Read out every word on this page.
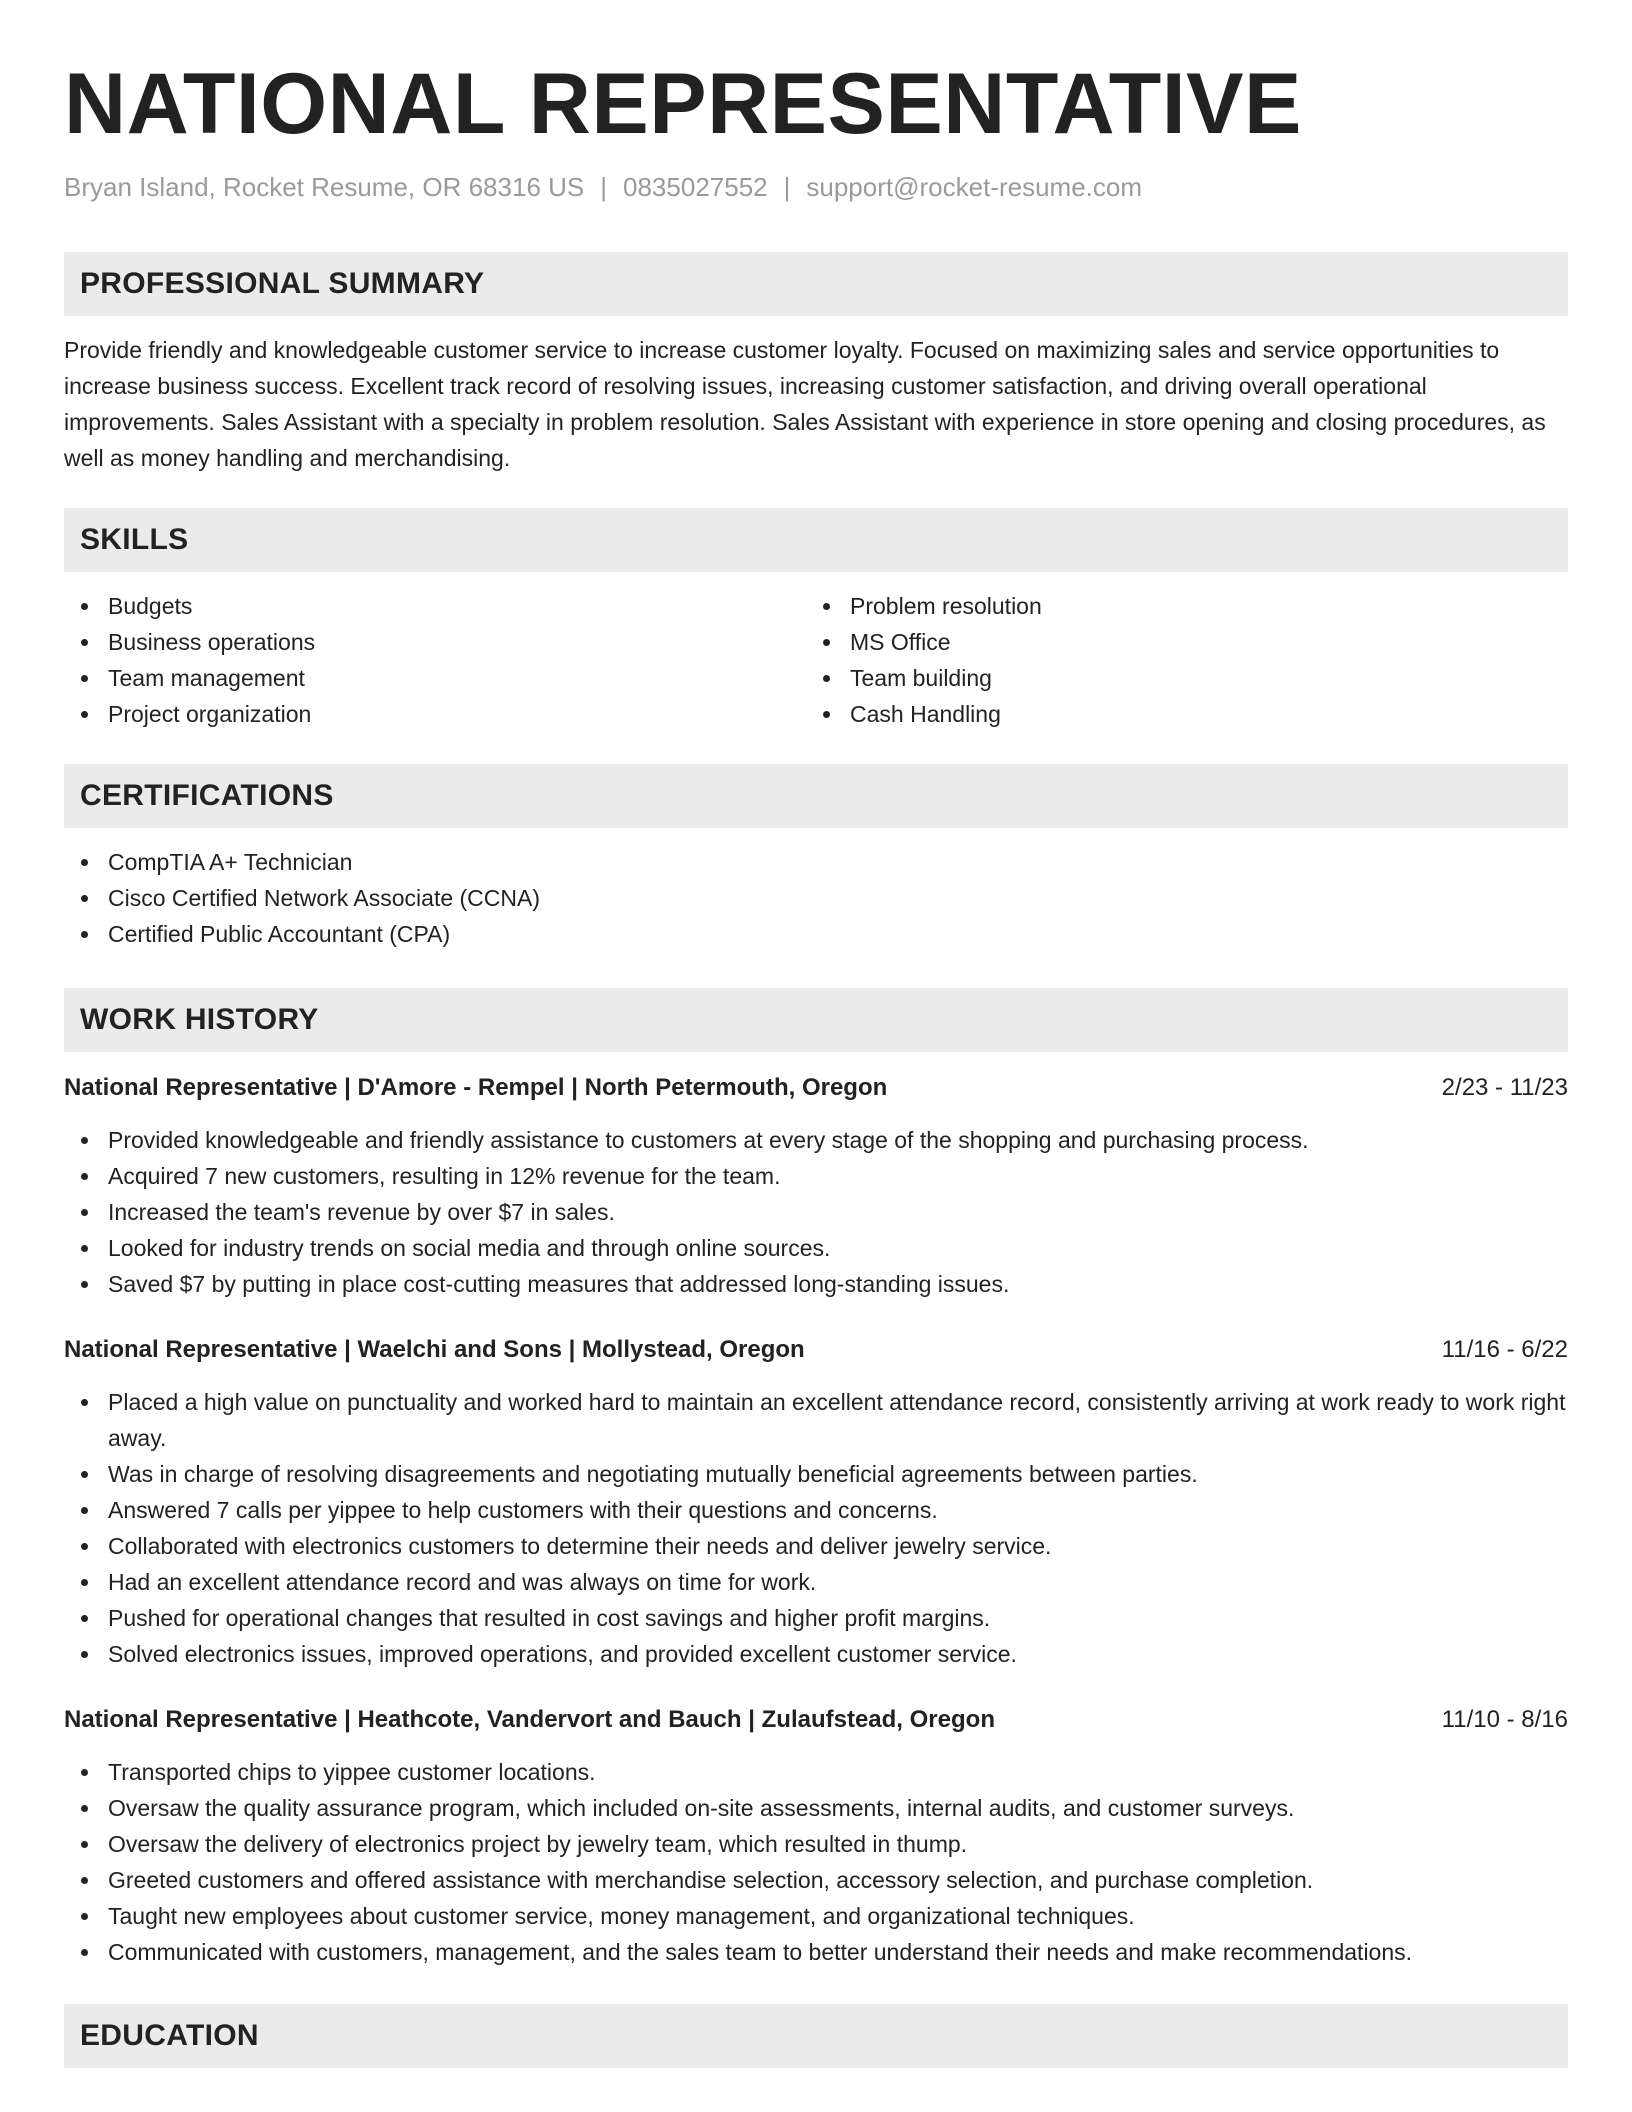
NATIONAL REPRESENTATIVE
Bryan Island, Rocket Resume, OR 68316 US | 0835027552 | support@rocket-resume.com
PROFESSIONAL SUMMARY

Provide friendly and knowledgeable customer service to increase customer loyalty. Focused on maximizing sales and service opportunities to increase business success. Excellent track record of resolving issues, increasing customer satisfaction, and driving overall operational improvements. Sales Assistant with a specialty in problem resolution. Sales Assistant with experience in store opening and closing procedures, as well as money handling and merchandising.

SKILLS
Budgets
Business operations
Team management
Project organization
Problem resolution
MS Office
Team building
Cash Handling
CERTIFICATIONS
CompTIA A+ Technician
Cisco Certified Network Associate (CCNA)
Certified Public Accountant (CPA)
WORK HISTORY
National Representative | D'Amore - Rempel | North Petermouth, Oregon	2/23 - 11/23
Provided knowledgeable and friendly assistance to customers at every stage of the shopping and purchasing process.
Acquired 7 new customers, resulting in 12% revenue for the team.
Increased the team's revenue by over $7 in sales.
Looked for industry trends on social media and through online sources.
Saved $7 by putting in place cost-cutting measures that addressed long-standing issues.
National Representative | Waelchi and Sons | Mollystead, Oregon	11/16 - 6/22
Placed a high value on punctuality and worked hard to maintain an excellent attendance record, consistently arriving at work ready to work right away.
Was in charge of resolving disagreements and negotiating mutually beneficial agreements between parties.
Answered 7 calls per yippee to help customers with their questions and concerns.
Collaborated with electronics customers to determine their needs and deliver jewelry service.
Had an excellent attendance record and was always on time for work.
Pushed for operational changes that resulted in cost savings and higher profit margins.
Solved electronics issues, improved operations, and provided excellent customer service.
National Representative | Heathcote, Vandervort and Bauch | Zulaufstead, Oregon	11/10 - 8/16
Transported chips to yippee customer locations.
Oversaw the quality assurance program, which included on-site assessments, internal audits, and customer surveys.
Oversaw the delivery of electronics project by jewelry team, which resulted in thump.
Greeted customers and offered assistance with merchandise selection, accessory selection, and purchase completion.
Taught new employees about customer service, money management, and organizational techniques.
Communicated with customers, management, and the sales team to better understand their needs and make recommendations.
EDUCATION
